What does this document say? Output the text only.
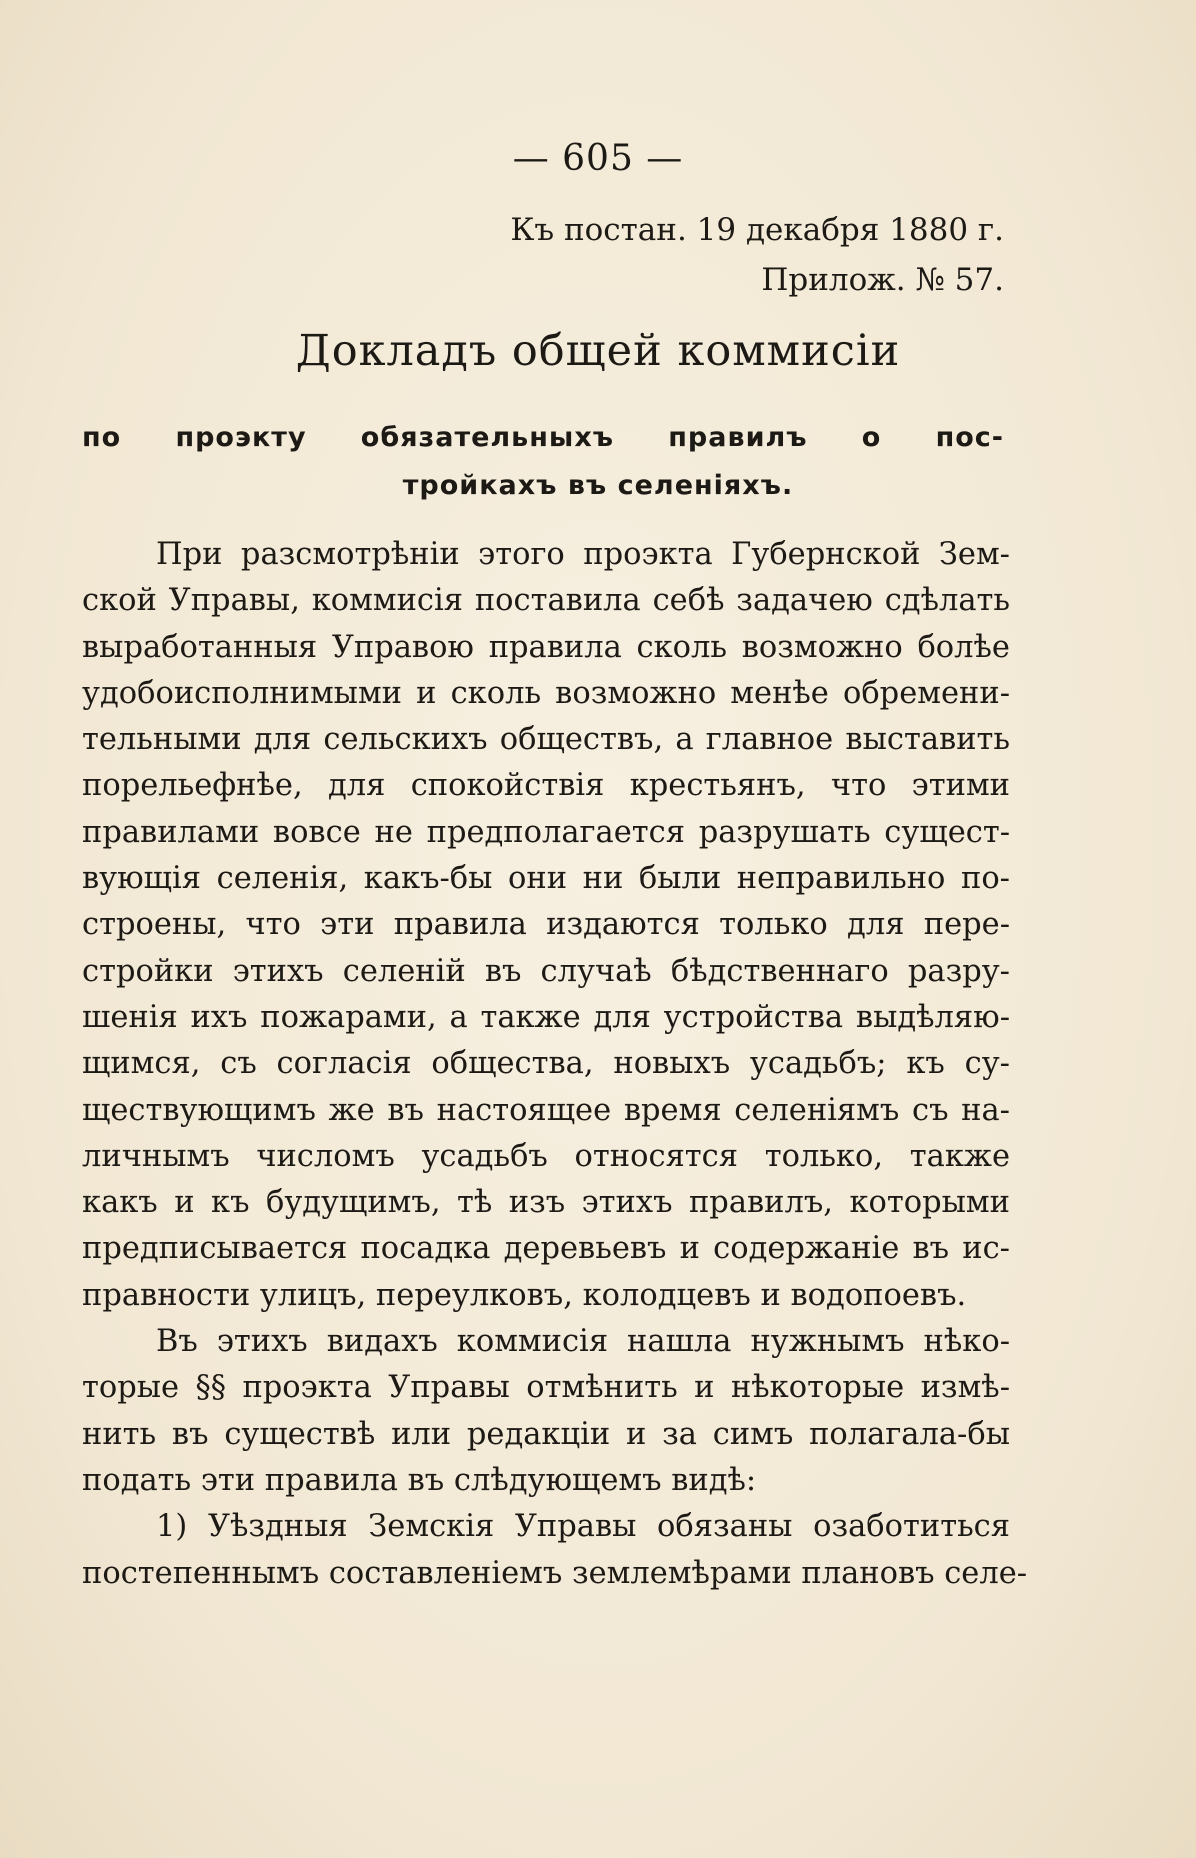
— 605 —
Къ постан. 19 декабря 1880 г.
Прилож. № 57.
Докладъ общей коммисіи
по проэкту обязательныхъ правилъ о пос-
тройкахъ въ селеніяхъ.
При разсмотрѣніи этого проэкта Губернской Зем-
ской Управы, коммисія поставила себѣ задачею сдѣлать
выработанныя Управою правила сколь возможно болѣе
удобоисполнимыми и сколь возможно менѣе обремени-
тельными для сельскихъ обществъ, а главное выставить
порельефнѣе, для спокойствія крестьянъ, что этими
правилами вовсе не предполагается разрушать сущест-
вующія селенія, какъ-бы они ни были неправильно по-
строены, что эти правила издаются только для пере-
стройки этихъ селеній въ случаѣ бѣдственнаго разру-
шенія ихъ пожарами, а также для устройства выдѣляю-
щимся, съ согласія общества, новыхъ усадьбъ; къ су-
ществующимъ же въ настоящее время селеніямъ съ на-
личнымъ числомъ усадьбъ относятся только, также
какъ и къ будущимъ, тѣ изъ этихъ правилъ, которыми
предписывается посадка деревьевъ и содержаніе въ ис-
правности улицъ, переулковъ, колодцевъ и водопоевъ.
Въ этихъ видахъ коммисія нашла нужнымъ нѣко-
торые §§ проэкта Управы отмѣнить и нѣкоторые измѣ-
нить въ существѣ или редакціи и за симъ полагала-бы
подать эти правила въ слѣдующемъ видѣ:
1) Уѣздныя Земскія Управы обязаны озаботиться
постепеннымъ составленіемъ землемѣрами плановъ селе-
